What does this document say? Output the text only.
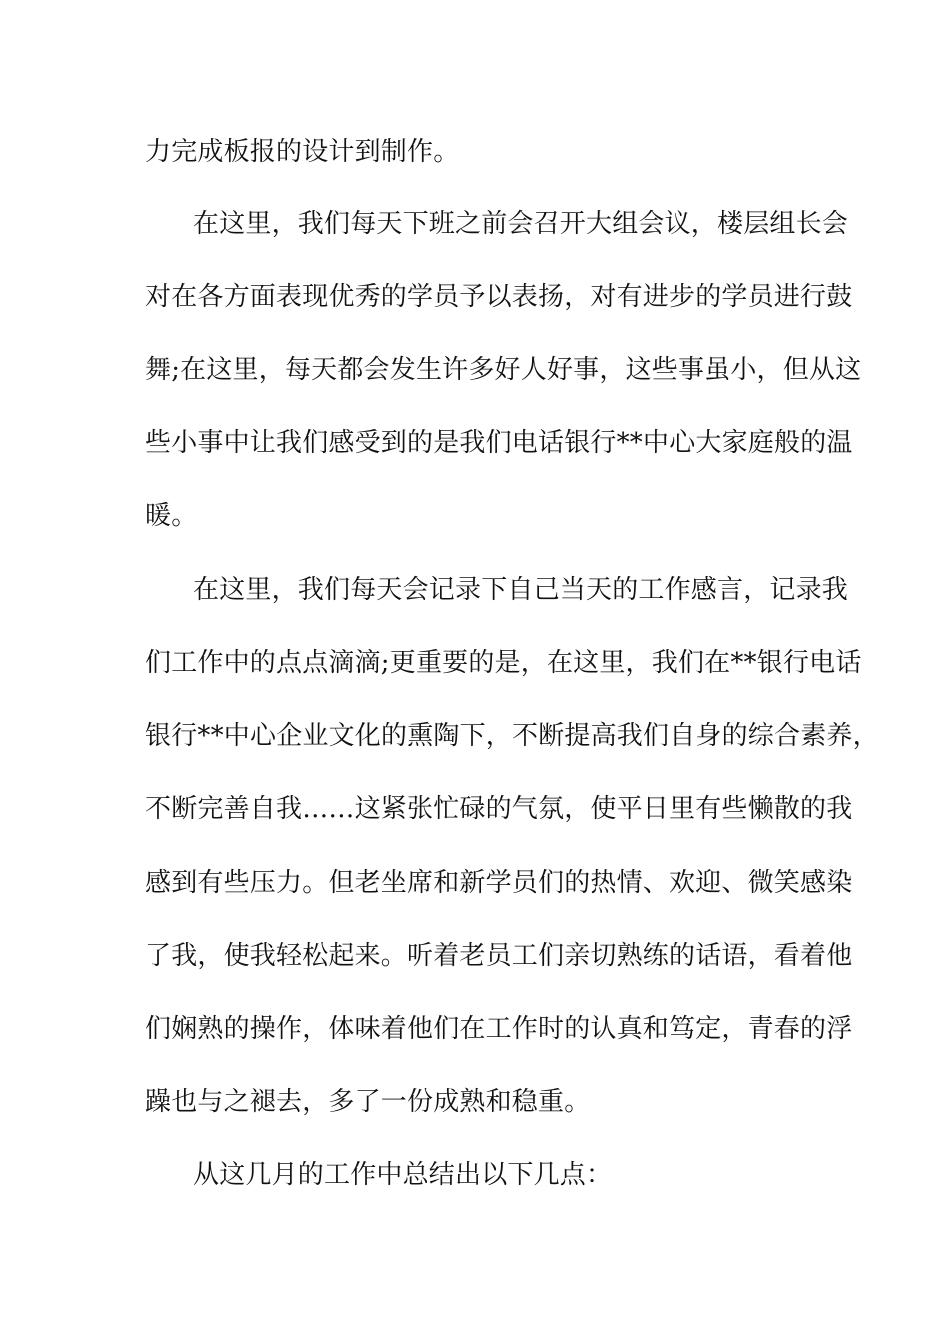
力完成板报的设计到制作。
在这里，我们每天下班之前会召开大组会议，楼层组长会
对在各方面表现优秀的学员予以表扬，对有进步的学员进行鼓
舞;在这里，每天都会发生许多好人好事，这些事虽小，但从这
些小事中让我们感受到的是我们电话银行**中心大家庭般的温
暖。
在这里，我们每天会记录下自己当天的工作感言，记录我
们工作中的点点滴滴;更重要的是，在这里，我们在**银行电话
银行**中心企业文化的熏陶下，不断提高我们自身的综合素养，
不断完善自我……这紧张忙碌的气氛，使平日里有些懒散的我
感到有些压力。但老坐席和新学员们的热情、欢迎、微笑感染
了我，使我轻松起来。听着老员工们亲切熟练的话语，看着他
们娴熟的操作，体味着他们在工作时的认真和笃定，青春的浮
躁也与之褪去，多了一份成熟和稳重。
从这几月的工作中总结出以下几点：
